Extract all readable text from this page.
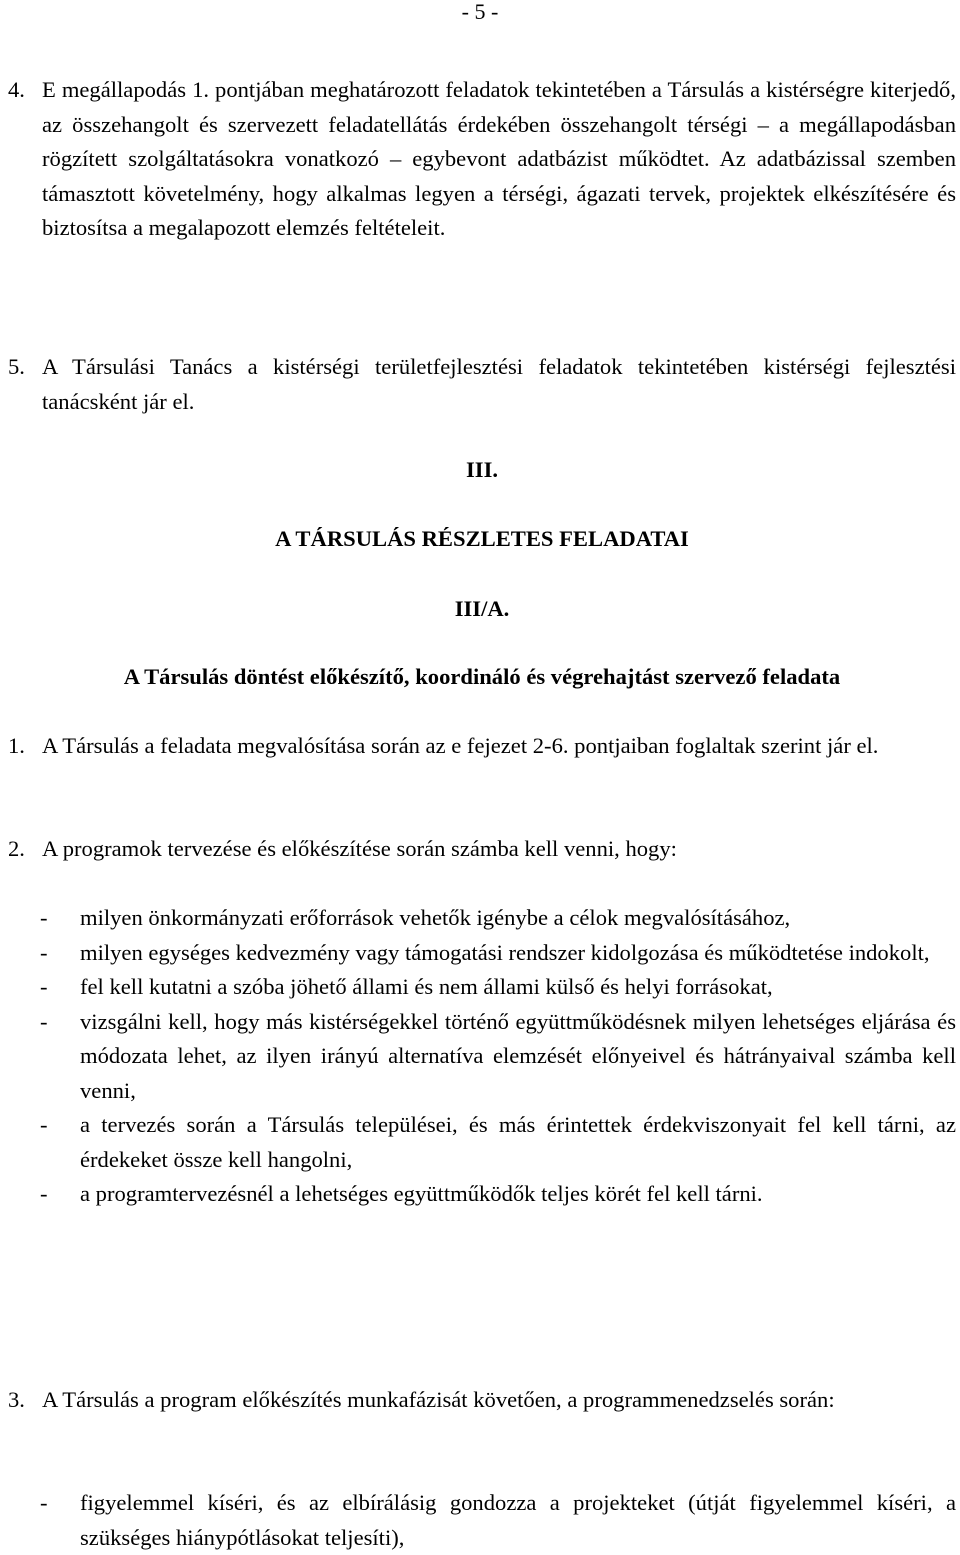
- 5 -
4. E megállapodás 1. pontjában meghatározott feladatok tekintetében a Társulás a kistérségre kiterjedő, az összehangolt és szervezett feladatellátás érdekében összehangolt térségi – a megállapodásban rögzített szolgáltatásokra vonatkozó – egybevont adatbázist működtet. Az adatbázissal szemben támasztott követelmény, hogy alkalmas legyen a térségi, ágazati tervek, projektek elkészítésére és biztosítsa a megalapozott elemzés feltételeit.
5. A Társulási Tanács a kistérségi területfejlesztési feladatok tekintetében kistérségi fejlesztési tanácsként jár el.
III.
A TÁRSULÁS RÉSZLETES FELADATAI
III/A.
A Társulás döntést előkészítő, koordináló és végrehajtást szervező feladata
1. A Társulás a feladata megvalósítása során az e fejezet 2-6. pontjaiban foglaltak szerint jár el.
2. A programok tervezése és előkészítése során számba kell venni, hogy:
-	milyen önkormányzati erőforrások vehetők igénybe a célok megvalósításához,
-	milyen egységes kedvezmény vagy támogatási rendszer kidolgozása és működtetése indokolt,
-	fel kell kutatni a szóba jöhető állami és nem állami külső és helyi forrásokat,
-	vizsgálni kell, hogy más kistérségekkel történő együttműködésnek milyen lehetséges eljárása és módozata lehet, az ilyen irányú alternatíva elemzését előnyeivel és hátrányaival számba kell venni,
-	a tervezés során a Társulás települései, és más érintettek érdekviszonyait fel kell tárni, az érdekeket össze kell hangolni,
-	a programtervezésnél a lehetséges együttműködők teljes körét fel kell tárni.
3. A Társulás a program előkészítés munkafázisát követően, a programmenedzselés során:
-	figyelemmel kíséri, és az elbírálásig gondozza a projekteket (útját figyelemmel kíséri, a szükséges hiánypótlásokat teljesíti),
